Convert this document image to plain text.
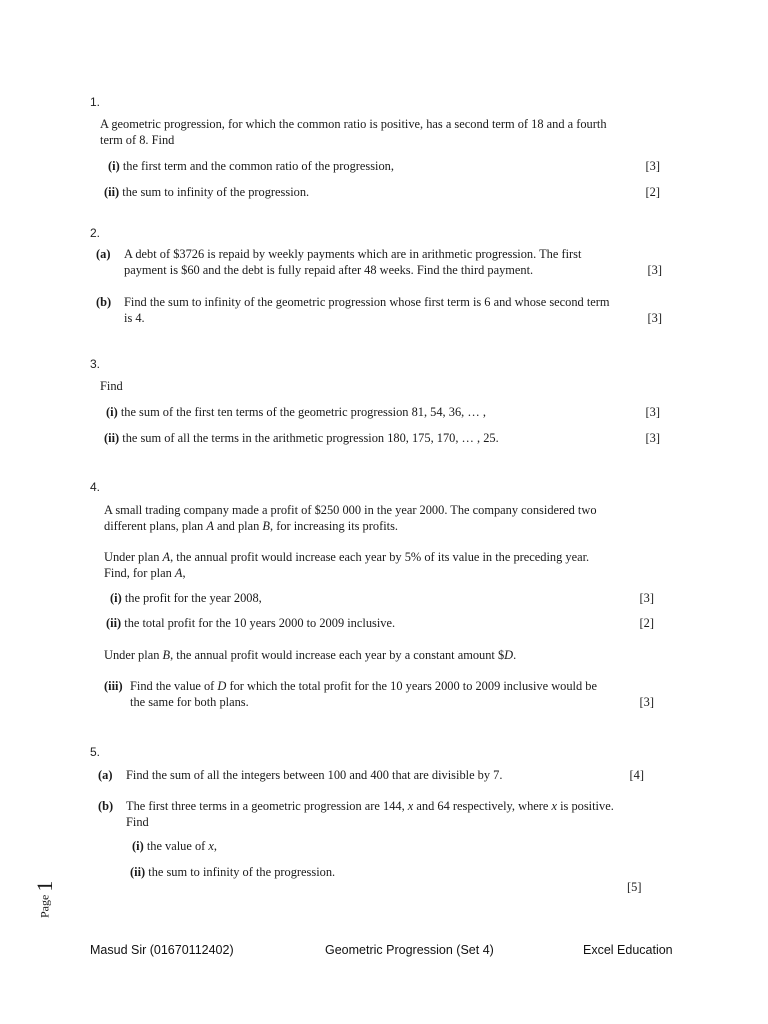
1.
A geometric progression, for which the common ratio is positive, has a second term of 18 and a fourth
term of 8. Find
(i) the first term and the common ratio of the progression,	[3]
(ii) the sum to infinity of the progression.	[2]
2.
(a) A debt of $3726 is repaid by weekly payments which are in arithmetic progression. The first
payment is $60 and the debt is fully repaid after 48 weeks. Find the third payment.	[3]
(b) Find the sum to infinity of the geometric progression whose first term is 6 and whose second term
is 4.	[3]
3.
Find
(i) the sum of the first ten terms of the geometric progression 81, 54, 36, … ,	[3]
(ii) the sum of all the terms in the arithmetic progression 180, 175, 170, … , 25.	[3]
4.
A small trading company made a profit of $250 000 in the year 2000. The company considered two
different plans, plan A and plan B, for increasing its profits.
Under plan A, the annual profit would increase each year by 5% of its value in the preceding year.
Find, for plan A,
(i) the profit for the year 2008,	[3]
(ii) the total profit for the 10 years 2000 to 2009 inclusive.	[2]
Under plan B, the annual profit would increase each year by a constant amount $D.
(iii) Find the value of D for which the total profit for the 10 years 2000 to 2009 inclusive would be
the same for both plans.	[3]
5.
(a) Find the sum of all the integers between 100 and 400 that are divisible by 7.	[4]
(b) The first three terms in a geometric progression are 144, x and 64 respectively, where x is positive.
Find
(i) the value of x,
(ii) the sum to infinity of the progression.
[5]
Page1
Masud Sir (01670112402)	Geometric Progression (Set 4)	Excel Education
